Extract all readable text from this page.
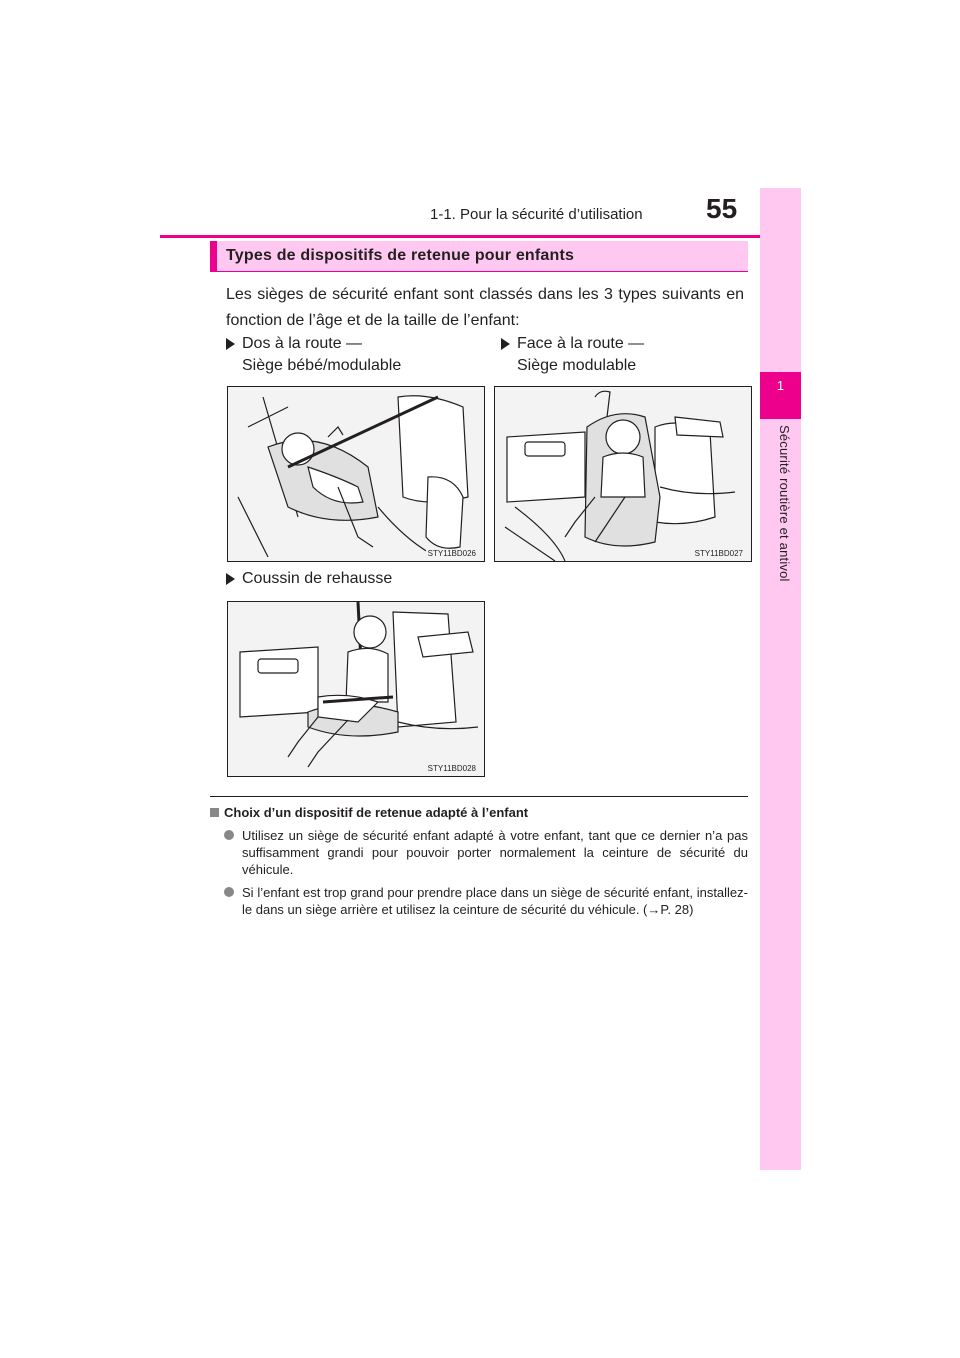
1-1. Pour la sécurité d’utilisation 55
1
Sécurité routière et antivol
Types de dispositifs de retenue pour enfants
Les sièges de sécurité enfant sont classés dans les 3 types suivants en fonction de l’âge et de la taille de l’enfant:
Dos à la route —
Siège bébé/modulable
Face à la route —
Siège modulable
STY11BD026	STY11BD027
Coussin de rehausse
STY11BD028
Choix d’un dispositif de retenue adapté à l’enfant
Utilisez un siège de sécurité enfant adapté à votre enfant, tant que ce dernier n’a pas suffisamment grandi pour pouvoir porter normalement la ceinture de sécurité du véhicule.
Si l’enfant est trop grand pour prendre place dans un siège de sécurité enfant, installez-le dans un siège arrière et utilisez la ceinture de sécurité du véhicule. (→P. 28)
